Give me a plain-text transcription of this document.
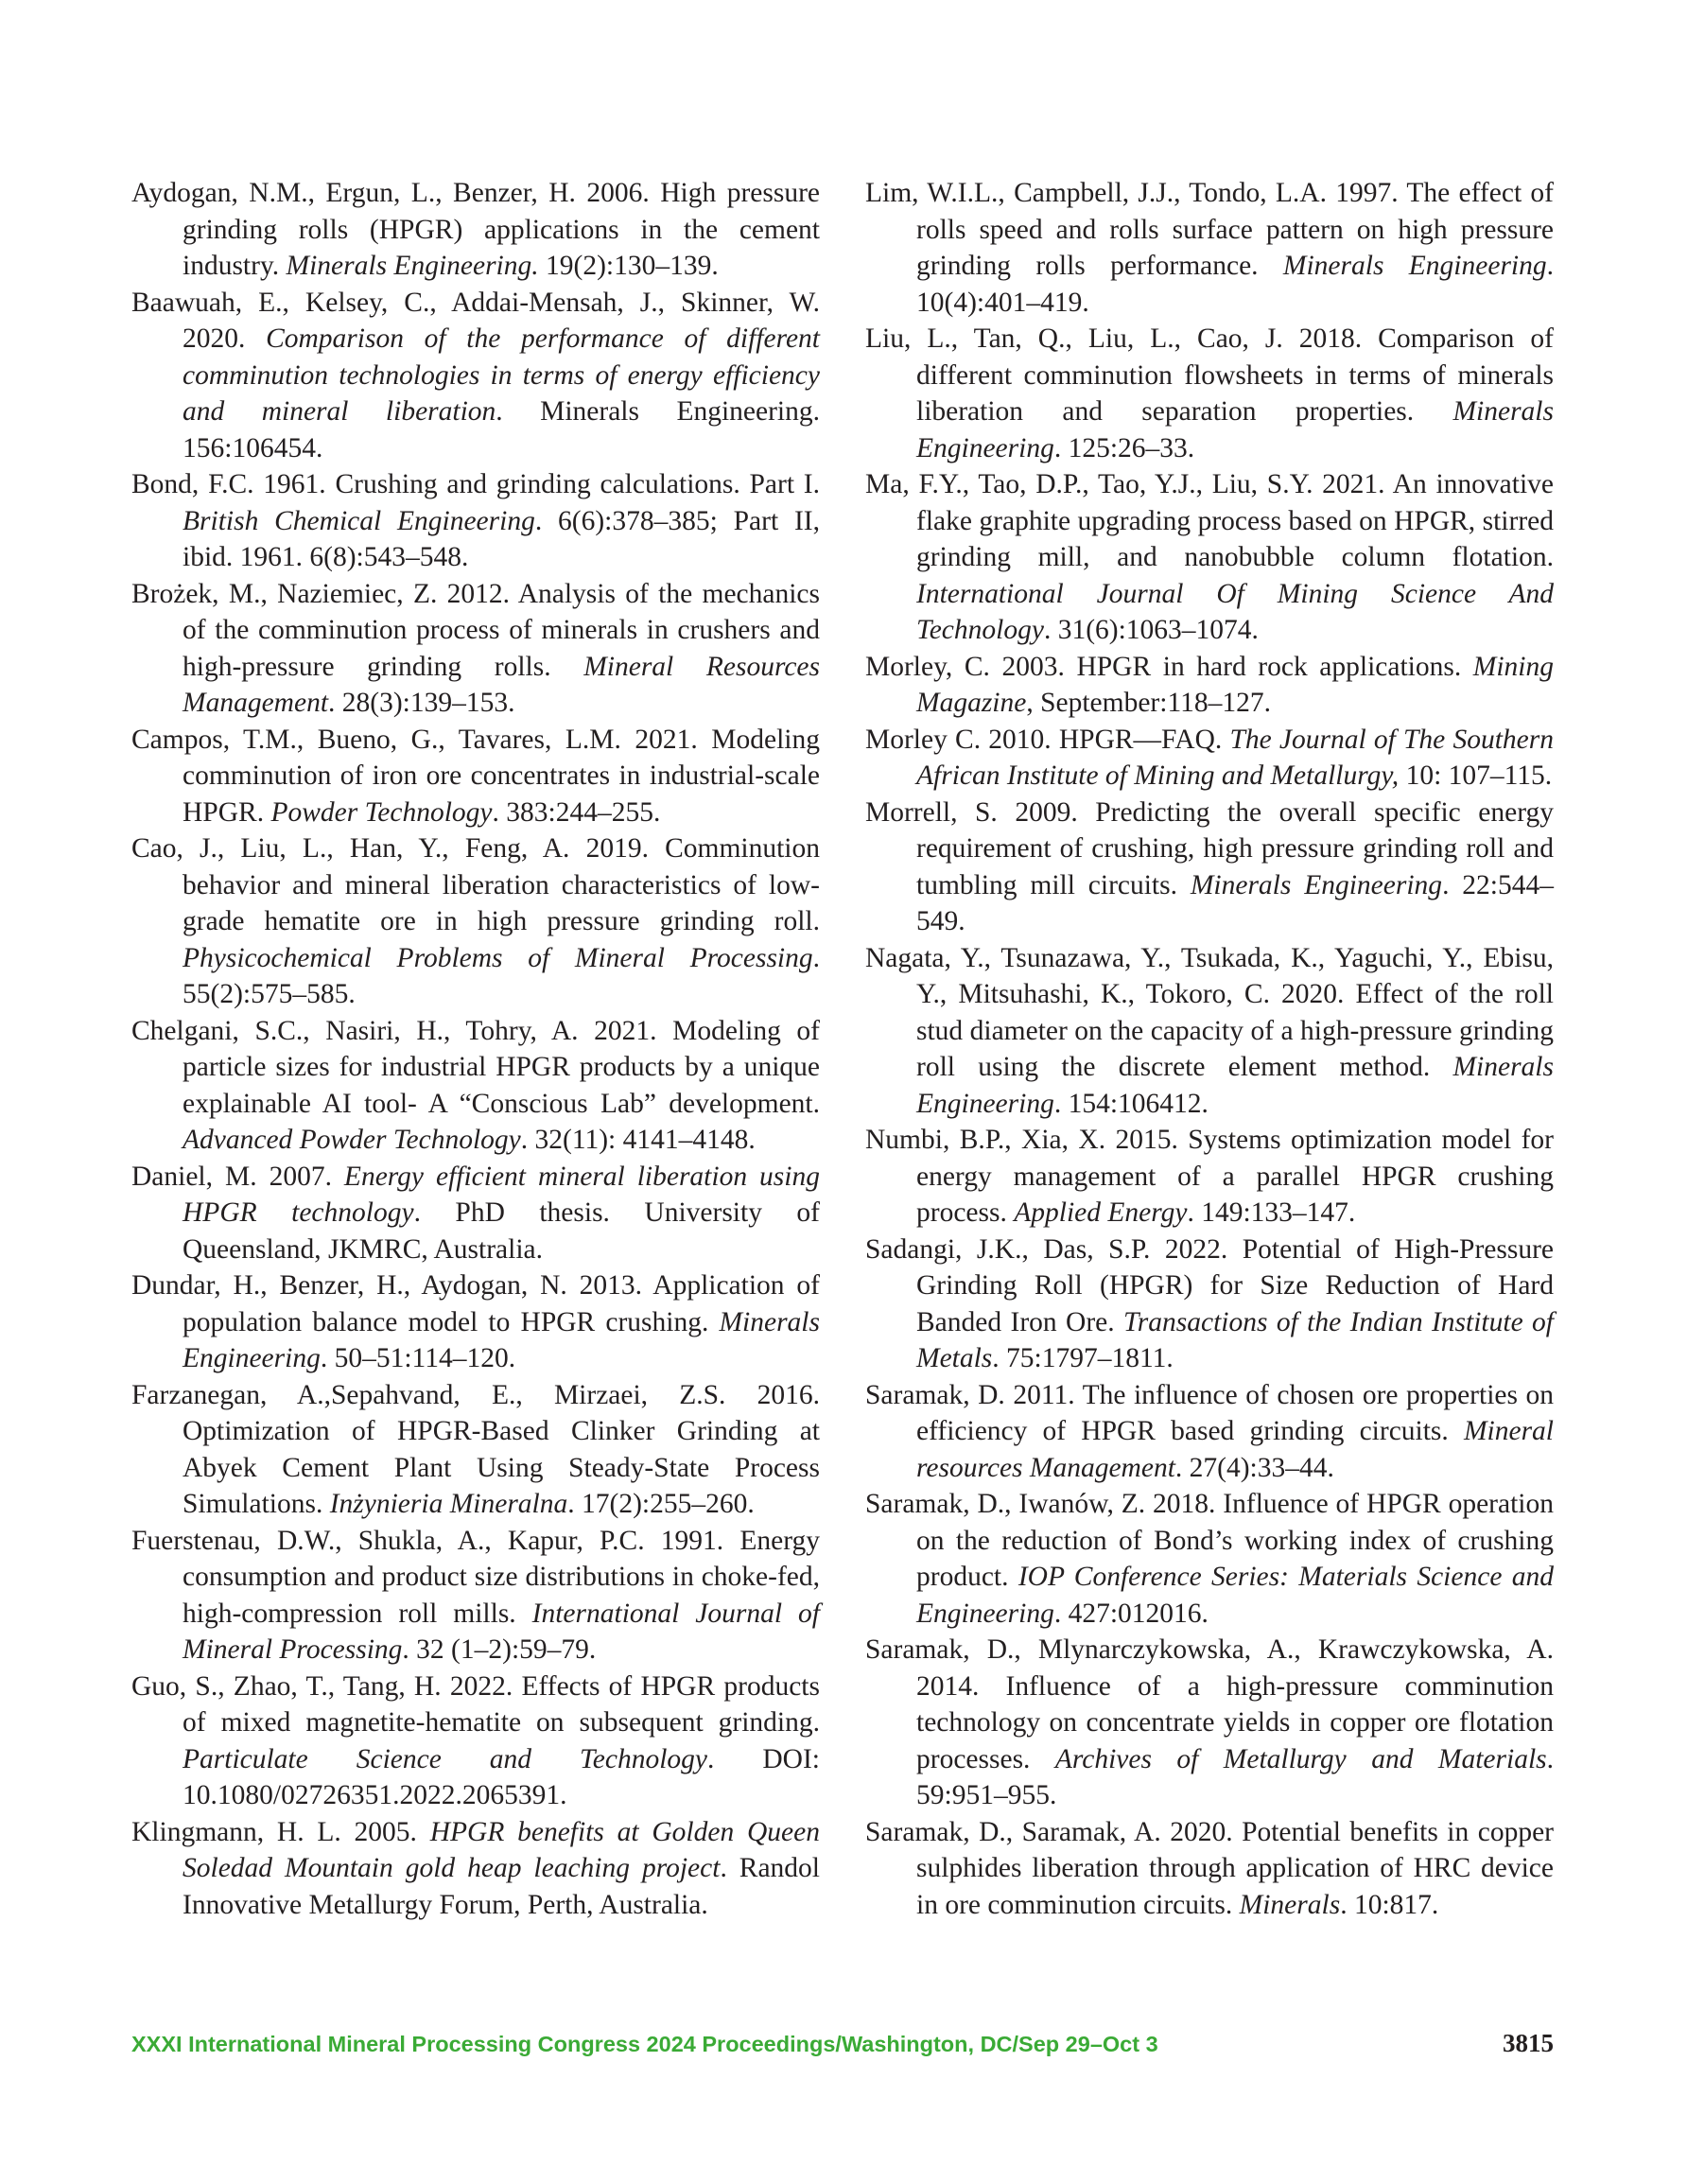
Aydogan, N.M., Ergun, L., Benzer, H. 2006. High pressure grinding rolls (HPGR) applications in the cement industry. Minerals Engineering. 19(2):130–139.

Baawuah, E., Kelsey, C., Addai-Mensah, J., Skinner, W. 2020. Comparison of the performance of different comminution technologies in terms of energy efficiency and mineral liberation. Minerals Engineering. 156:106454.

Bond, F.C. 1961. Crushing and grinding calculations. Part I. British Chemical Engineering. 6(6):378–385; Part II, ibid. 1961. 6(8):543–548.

Brożek, M., Naziemiec, Z. 2012. Analysis of the mechanics of the comminution process of minerals in crushers and high-pressure grinding rolls. Mineral Resources Management. 28(3):139–153.

Campos, T.M., Bueno, G., Tavares, L.M. 2021. Modeling comminution of iron ore concentrates in industrial-scale HPGR. Powder Technology. 383:244–255.

Cao, J., Liu, L., Han, Y., Feng, A. 2019. Comminution behavior and mineral liberation characteristics of low-grade hematite ore in high pressure grinding roll. Physicochemical Problems of Mineral Processing. 55(2):575–585.

Chelgani, S.C., Nasiri, H., Tohry, A. 2021. Modeling of particle sizes for industrial HPGR products by a unique explainable AI tool- A “Conscious Lab” development. Advanced Powder Technology. 32(11): 4141–4148.

Daniel, M. 2007. Energy efficient mineral liberation using HPGR technology. PhD thesis. University of Queensland, JKMRC, Australia.

Dundar, H., Benzer, H., Aydogan, N. 2013. Application of population balance model to HPGR crushing. Minerals Engineering. 50–51:114–120.

Farzanegan, A.,Sepahvand, E., Mirzaei, Z.S. 2016. Optimization of HPGR-Based Clinker Grinding at Abyek Cement Plant Using Steady-State Process Simulations. Inżynieria Mineralna. 17(2):255–260.

Fuerstenau, D.W., Shukla, A., Kapur, P.C. 1991. Energy consumption and product size distributions in choke-fed, high-compression roll mills. International Journal of Mineral Processing. 32 (1–2):59–79.

Guo, S., Zhao, T., Tang, H. 2022. Effects of HPGR products of mixed magnetite-hematite on subsequent grinding. Particulate Science and Technology. DOI: 10.1080/02726351.2022.2065391.

Klingmann, H. L. 2005. HPGR benefits at Golden Queen Soledad Mountain gold heap leaching project. Randol Innovative Metallurgy Forum, Perth, Australia.

Lim, W.I.L., Campbell, J.J., Tondo, L.A. 1997. The effect of rolls speed and rolls surface pattern on high pressure grinding rolls performance. Minerals Engineering. 10(4):401–419.

Liu, L., Tan, Q., Liu, L., Cao, J. 2018. Comparison of different comminution flowsheets in terms of minerals liberation and separation properties. Minerals Engineering. 125:26–33.

Ma, F.Y., Tao, D.P., Tao, Y.J., Liu, S.Y. 2021. An innovative flake graphite upgrading process based on HPGR, stirred grinding mill, and nanobubble column flotation. International Journal Of Mining Science And Technology. 31(6):1063–1074.

Morley, C. 2003. HPGR in hard rock applications. Mining Magazine, September:118–127.

Morley C. 2010. HPGR—FAQ. The Journal of The Southern African Institute of Mining and Metallurgy, 10: 107–115.

Morrell, S. 2009. Predicting the overall specific energy requirement of crushing, high pressure grinding roll and tumbling mill circuits. Minerals Engineering. 22:544–549.

Nagata, Y., Tsunazawa, Y., Tsukada, K., Yaguchi, Y., Ebisu, Y., Mitsuhashi, K., Tokoro, C. 2020. Effect of the roll stud diameter on the capacity of a high-pressure grinding roll using the discrete element method. Minerals Engineering. 154:106412.

Numbi, B.P., Xia, X. 2015. Systems optimization model for energy management of a parallel HPGR crushing process. Applied Energy. 149:133–147.

Sadangi, J.K., Das, S.P. 2022. Potential of High-Pressure Grinding Roll (HPGR) for Size Reduction of Hard Banded Iron Ore. Transactions of the Indian Institute of Metals. 75:1797–1811.

Saramak, D. 2011. The influence of chosen ore properties on efficiency of HPGR based grinding circuits. Mineral resources Management. 27(4):33–44.

Saramak, D., Iwanów, Z. 2018. Influence of HPGR operation on the reduction of Bond’s working index of crushing product. IOP Conference Series: Materials Science and Engineering. 427:012016.

Saramak, D., Mlynarczykowska, A., Krawczykowska, A. 2014. Influence of a high-pressure comminution technology on concentrate yields in copper ore flotation processes. Archives of Metallurgy and Materials. 59:951–955.

Saramak, D., Saramak, A. 2020. Potential benefits in copper sulphides liberation through application of HRC device in ore comminution circuits. Minerals. 10:817.

XXXI International Mineral Processing Congress 2024 Proceedings/Washington, DC/Sep 29–Oct 3	3815
